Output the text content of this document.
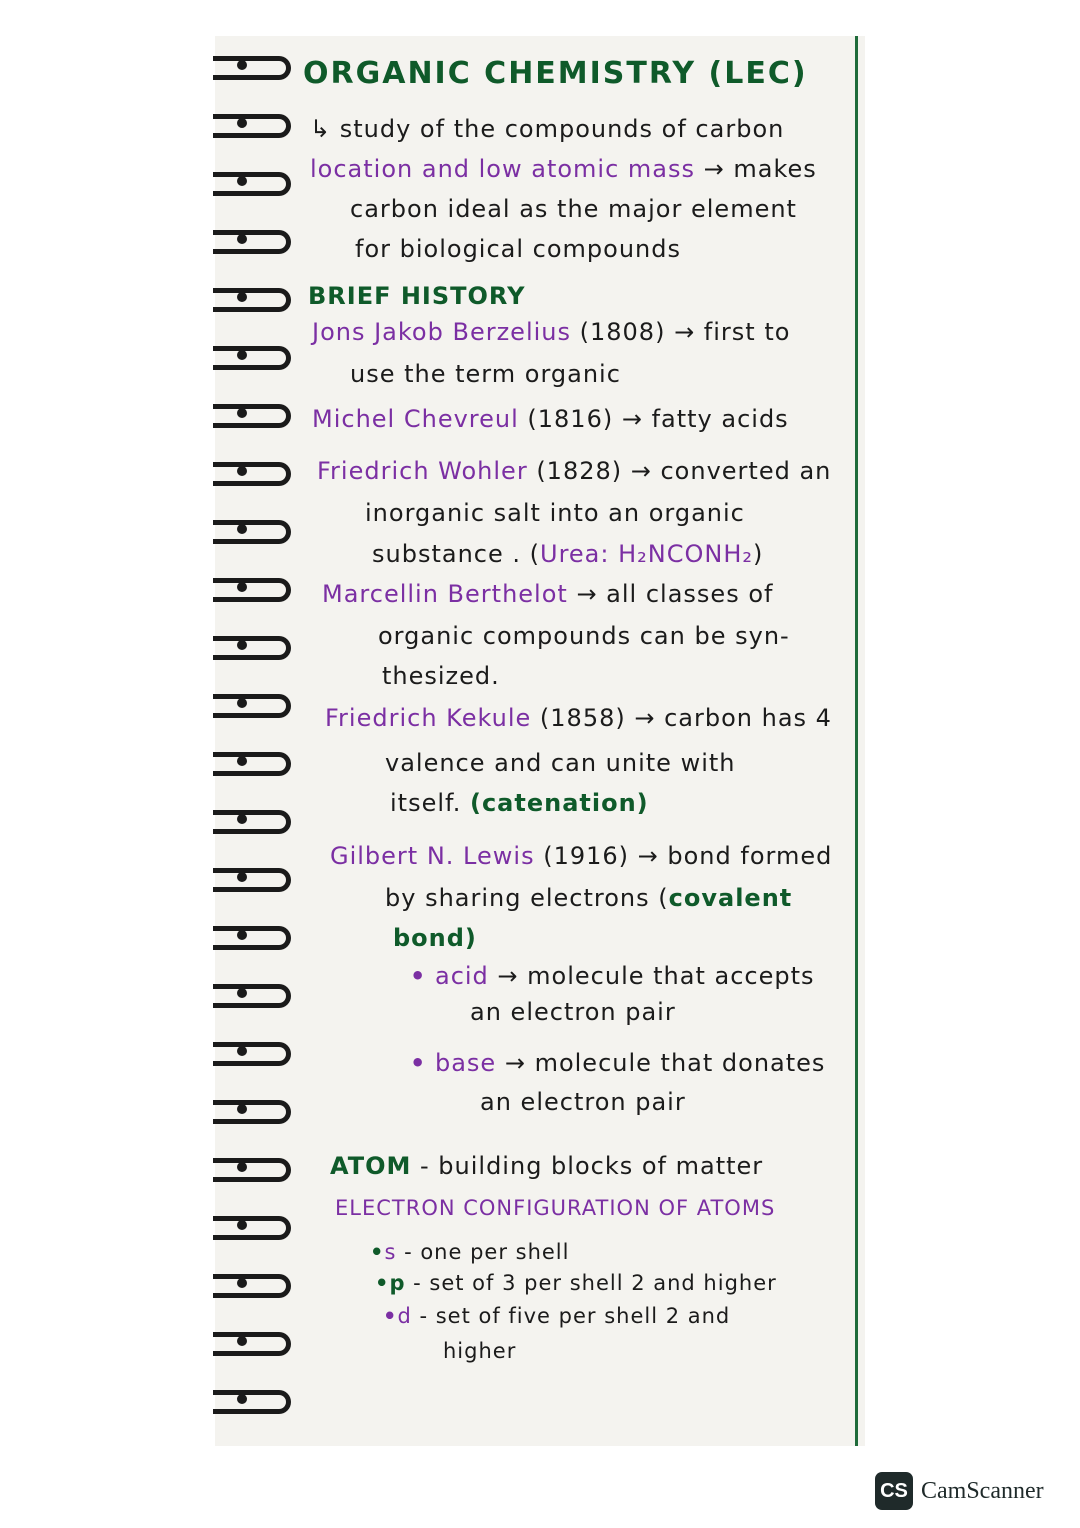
ORGANIC CHEMISTRY (LEC)
↳ study of the compounds of carbon
location and low atomic mass → makes
carbon ideal as the major element
for biological compounds
BRIEF HISTORY
Jons Jakob Berzelius (1808) → first to
use the term organic
Michel Chevreul (1816) → fatty acids
Friedrich Wohler (1828) → converted an
inorganic salt into an organic
substance . (Urea: H₂NCONH₂)
Marcellin Berthelot → all classes of
organic compounds can be syn-
thesized.
Friedrich Kekule (1858) → carbon has 4
valence and can unite with
itself. (catenation)
Gilbert N. Lewis (1916) → bond formed
by sharing electrons (covalent
bond)
• acid → molecule that accepts
an electron pair
• base → molecule that donates
an electron pair
ATOM - building blocks of matter
ELECTRON CONFIGURATION OF ATOMS
•s - one per shell
•p - set of 3 per shell 2 and higher
•d - set of five per shell 2 and
higher
CS CamScanner
